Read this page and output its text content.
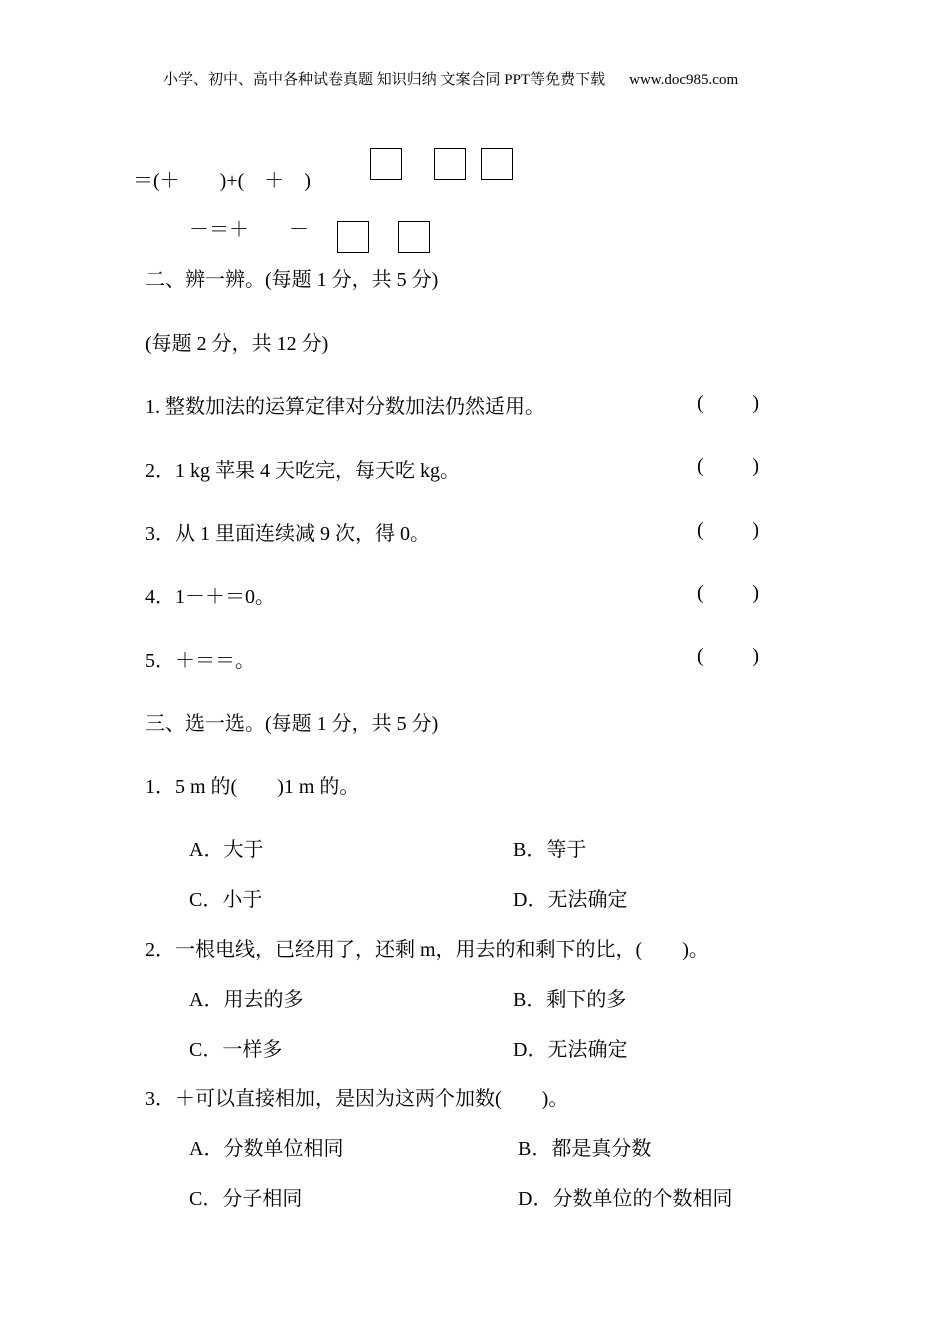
小学、初中、高中各种试卷真题 知识归纳 文案合同 PPT等免费下载 www.doc985.com
＝(＋　　)+(　＋　)
－＝＋　　－
二、辨一辨。(每题 1 分，共 5 分)
(每题 2 分，共 12 分)
1. 整数加法的运算定律对分数加法仍然适用。	( )
2．1 kg 苹果 4 天吃完，每天吃 kg。	( )
3．从 1 里面连续减 9 次，得 0。	( )
4．1－＋＝0。	( )
5．＋＝＝。	( )
三、选一选。(每题 1 分，共 5 分)
1．5 m 的(　　)1 m 的。
A．大于	B．等于
C．小于	D．无法确定
2．一根电线，已经用了，还剩 m，用去的和剩下的比，(　　)。
A．用去的多	B．剩下的多
C．一样多	D．无法确定
3．＋可以直接相加，是因为这两个加数(　　)。
A．分数单位相同	B．都是真分数
C．分子相同	D．分数单位的个数相同
